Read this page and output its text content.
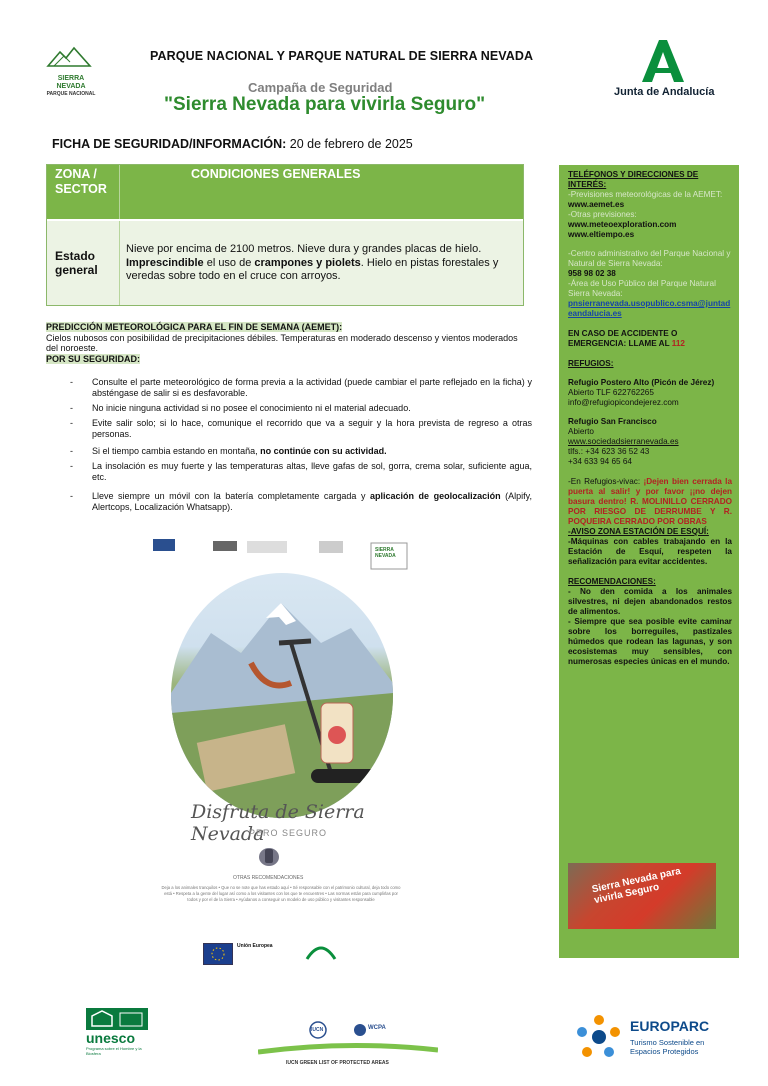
SIERRA NEVADA
PARQUE NACIONAL
PARQUE NACIONAL Y PARQUE NATURAL DE SIERRA NEVADA
Campaña de Seguridad
"Sierra Nevada para vivirla Seguro"
Junta de Andalucía
FICHA DE SEGURIDAD/INFORMACIÓN: 20 de febrero de 2025
ZONA / SECTOR
CONDICIONES GENERALES
Estado general
Nieve por encima de 2100 metros. Nieve dura y grandes placas de hielo. Imprescindible el uso de crampones y piolets. Hielo en pistas forestales y veredas sobre todo en el cruce con arroyos.
PREDICCIÓN METEOROLÓGICA PARA EL FIN DE SEMANA (AEMET):
Cielos nubosos con posibilidad de precipitaciones débiles. Temperaturas en moderado descenso y vientos moderados del noroeste.
POR SU SEGURIDAD:
- Consulte el parte meteorológico de forma previa a la actividad (puede cambiar el parte reflejado en la ficha) y absténgase de salir si es desfavorable.
- No inicie ninguna actividad si no posee el conocimiento ni el material adecuado.
- Evite salir solo; si lo hace, comunique el recorrido que va a seguir y la hora prevista de regreso a otras personas.
- Si el tiempo cambia estando en montaña, no continúe con su actividad.
- La insolación es muy fuerte y las temperaturas altas, lleve gafas de sol, gorra, crema solar, suficiente agua, etc.
- Lleve siempre un móvil con la batería completamente cargada y aplicación de geolocalización (Alpify, Alertcops, Localización Whatsapp).
SIERRA NEVADA
Disfruta de Sierra Nevada
PERO SEGURO
OTRAS RECOMENDACIONES
Deja a los animales tranquilos • Que no se note que has estado aquí • Sé responsable con el patrimonio cultural, deja todo como está • Respeta a la gente del lugar así como a los visitantes con los que te encuentres • Las normas están para cumplirlas por todos y por el de la Sierra • Ayúdanos a conseguir un modelo de uso público y visitantes responsable
Unión Europea

TELÉFONOS Y DIRECCIONES DE INTERÉS:

-Previsiones meteorológicas de la AEMET: www.aemet.es

-Otras previsiones:

www.meteoexploration.com

www.eltiempo.es

-Centro administrativo del Parque Nacional y Natural de Sierra Nevada:

958 98 02 38

-Área de Uso Público del Parque Natural Sierra Nevada:

pnsierranevada.usopublico.csma@juntadeandalucia.es

EN CASO DE ACCIDENTE O EMERGENCIA: LLAME AL 112

REFUGIOS:

Refugio Postero Alto (Picón de Jérez)

Abierto TLF 622762265

info@refugiopicondejerez.com

Refugio San Francisco

Abierto

www.sociedadsierranevada.es

tlfs.: +34 623 36 52 43

+34 633 94 65 64

-En Refugios-vivac: ¡Dejen bien cerrada la puerta al salir! y por favor ¡¡no dejen basura dentro! R. MOLINILLO CERRADO POR RIESGO DE DERRUMBE Y R. POQUEIRA CERRADO POR OBRAS

-AVISO ZONA ESTACIÓN DE ESQUÍ:

-Máquinas con cables trabajando en la Estación de Esquí, respeten la señalización para evitar accidentes.

RECOMENDACIONES:

- No den comida a los animales silvestres, ni dejen abandonados restos de alimentos.

- Siempre que sea posible evite caminar sobre los borreguiles, pastizales húmedos que rodean las lagunas, y son ecosistemas muy sensibles, con numerosas especies únicas en el mundo.

Sierra Nevada para vivirla Seguro
unesco
Programa sobre el Hombre y la Biosfera
IUCN	WCPA
IUCN GREEN LIST OF PROTECTED AREAS
EUROPARC
Turismo Sostenible en Espacios Protegidos
